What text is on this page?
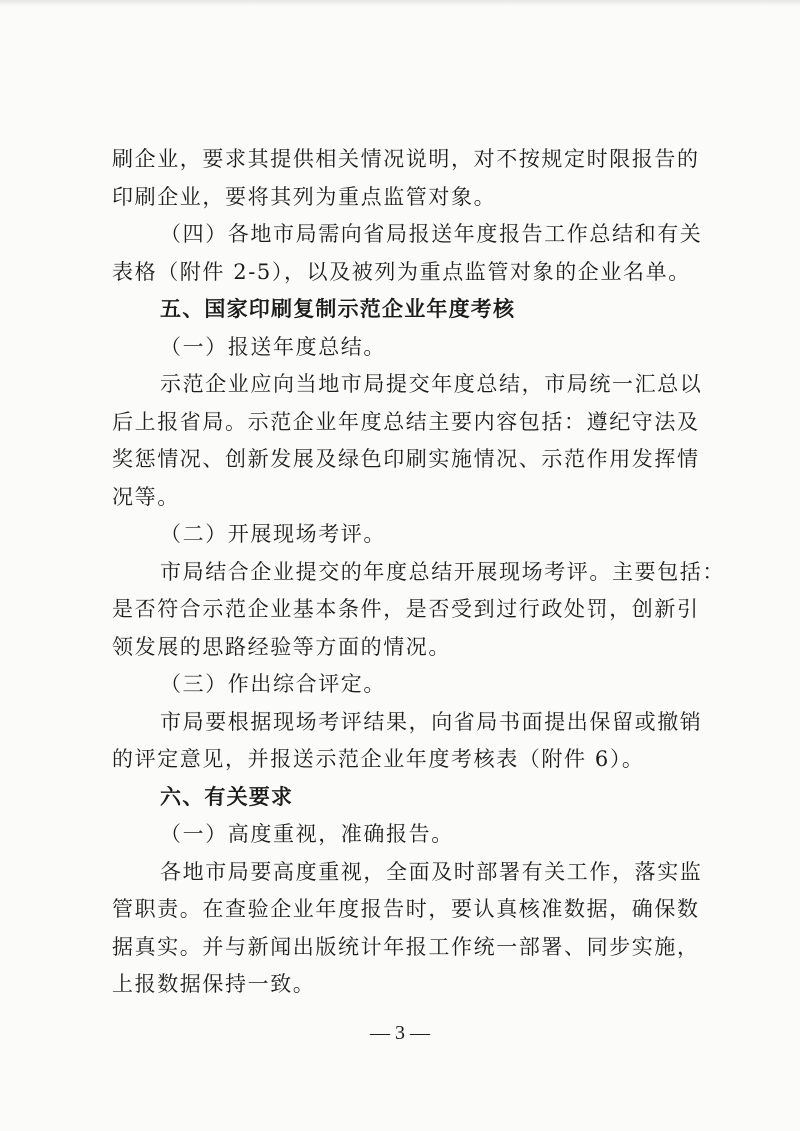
刷企业，要求其提供相关情况说明，对不按规定时限报告的
印刷企业，要将其列为重点监管对象。
（四）各地市局需向省局报送年度报告工作总结和有关
表格（附件 2-5），以及被列为重点监管对象的企业名单。
五、国家印刷复制示范企业年度考核
（一）报送年度总结。
示范企业应向当地市局提交年度总结，市局统一汇总以
后上报省局。示范企业年度总结主要内容包括：遵纪守法及
奖惩情况、创新发展及绿色印刷实施情况、示范作用发挥情
况等。
（二）开展现场考评。
市局结合企业提交的年度总结开展现场考评。主要包括：
是否符合示范企业基本条件，是否受到过行政处罚，创新引
领发展的思路经验等方面的情况。
（三）作出综合评定。
市局要根据现场考评结果，向省局书面提出保留或撤销
的评定意见，并报送示范企业年度考核表（附件 6）。
六、有关要求
（一）高度重视，准确报告。
各地市局要高度重视，全面及时部署有关工作，落实监
管职责。在查验企业年度报告时，要认真核准数据，确保数
据真实。并与新闻出版统计年报工作统一部署、同步实施，
上报数据保持一致。
— 3 —
